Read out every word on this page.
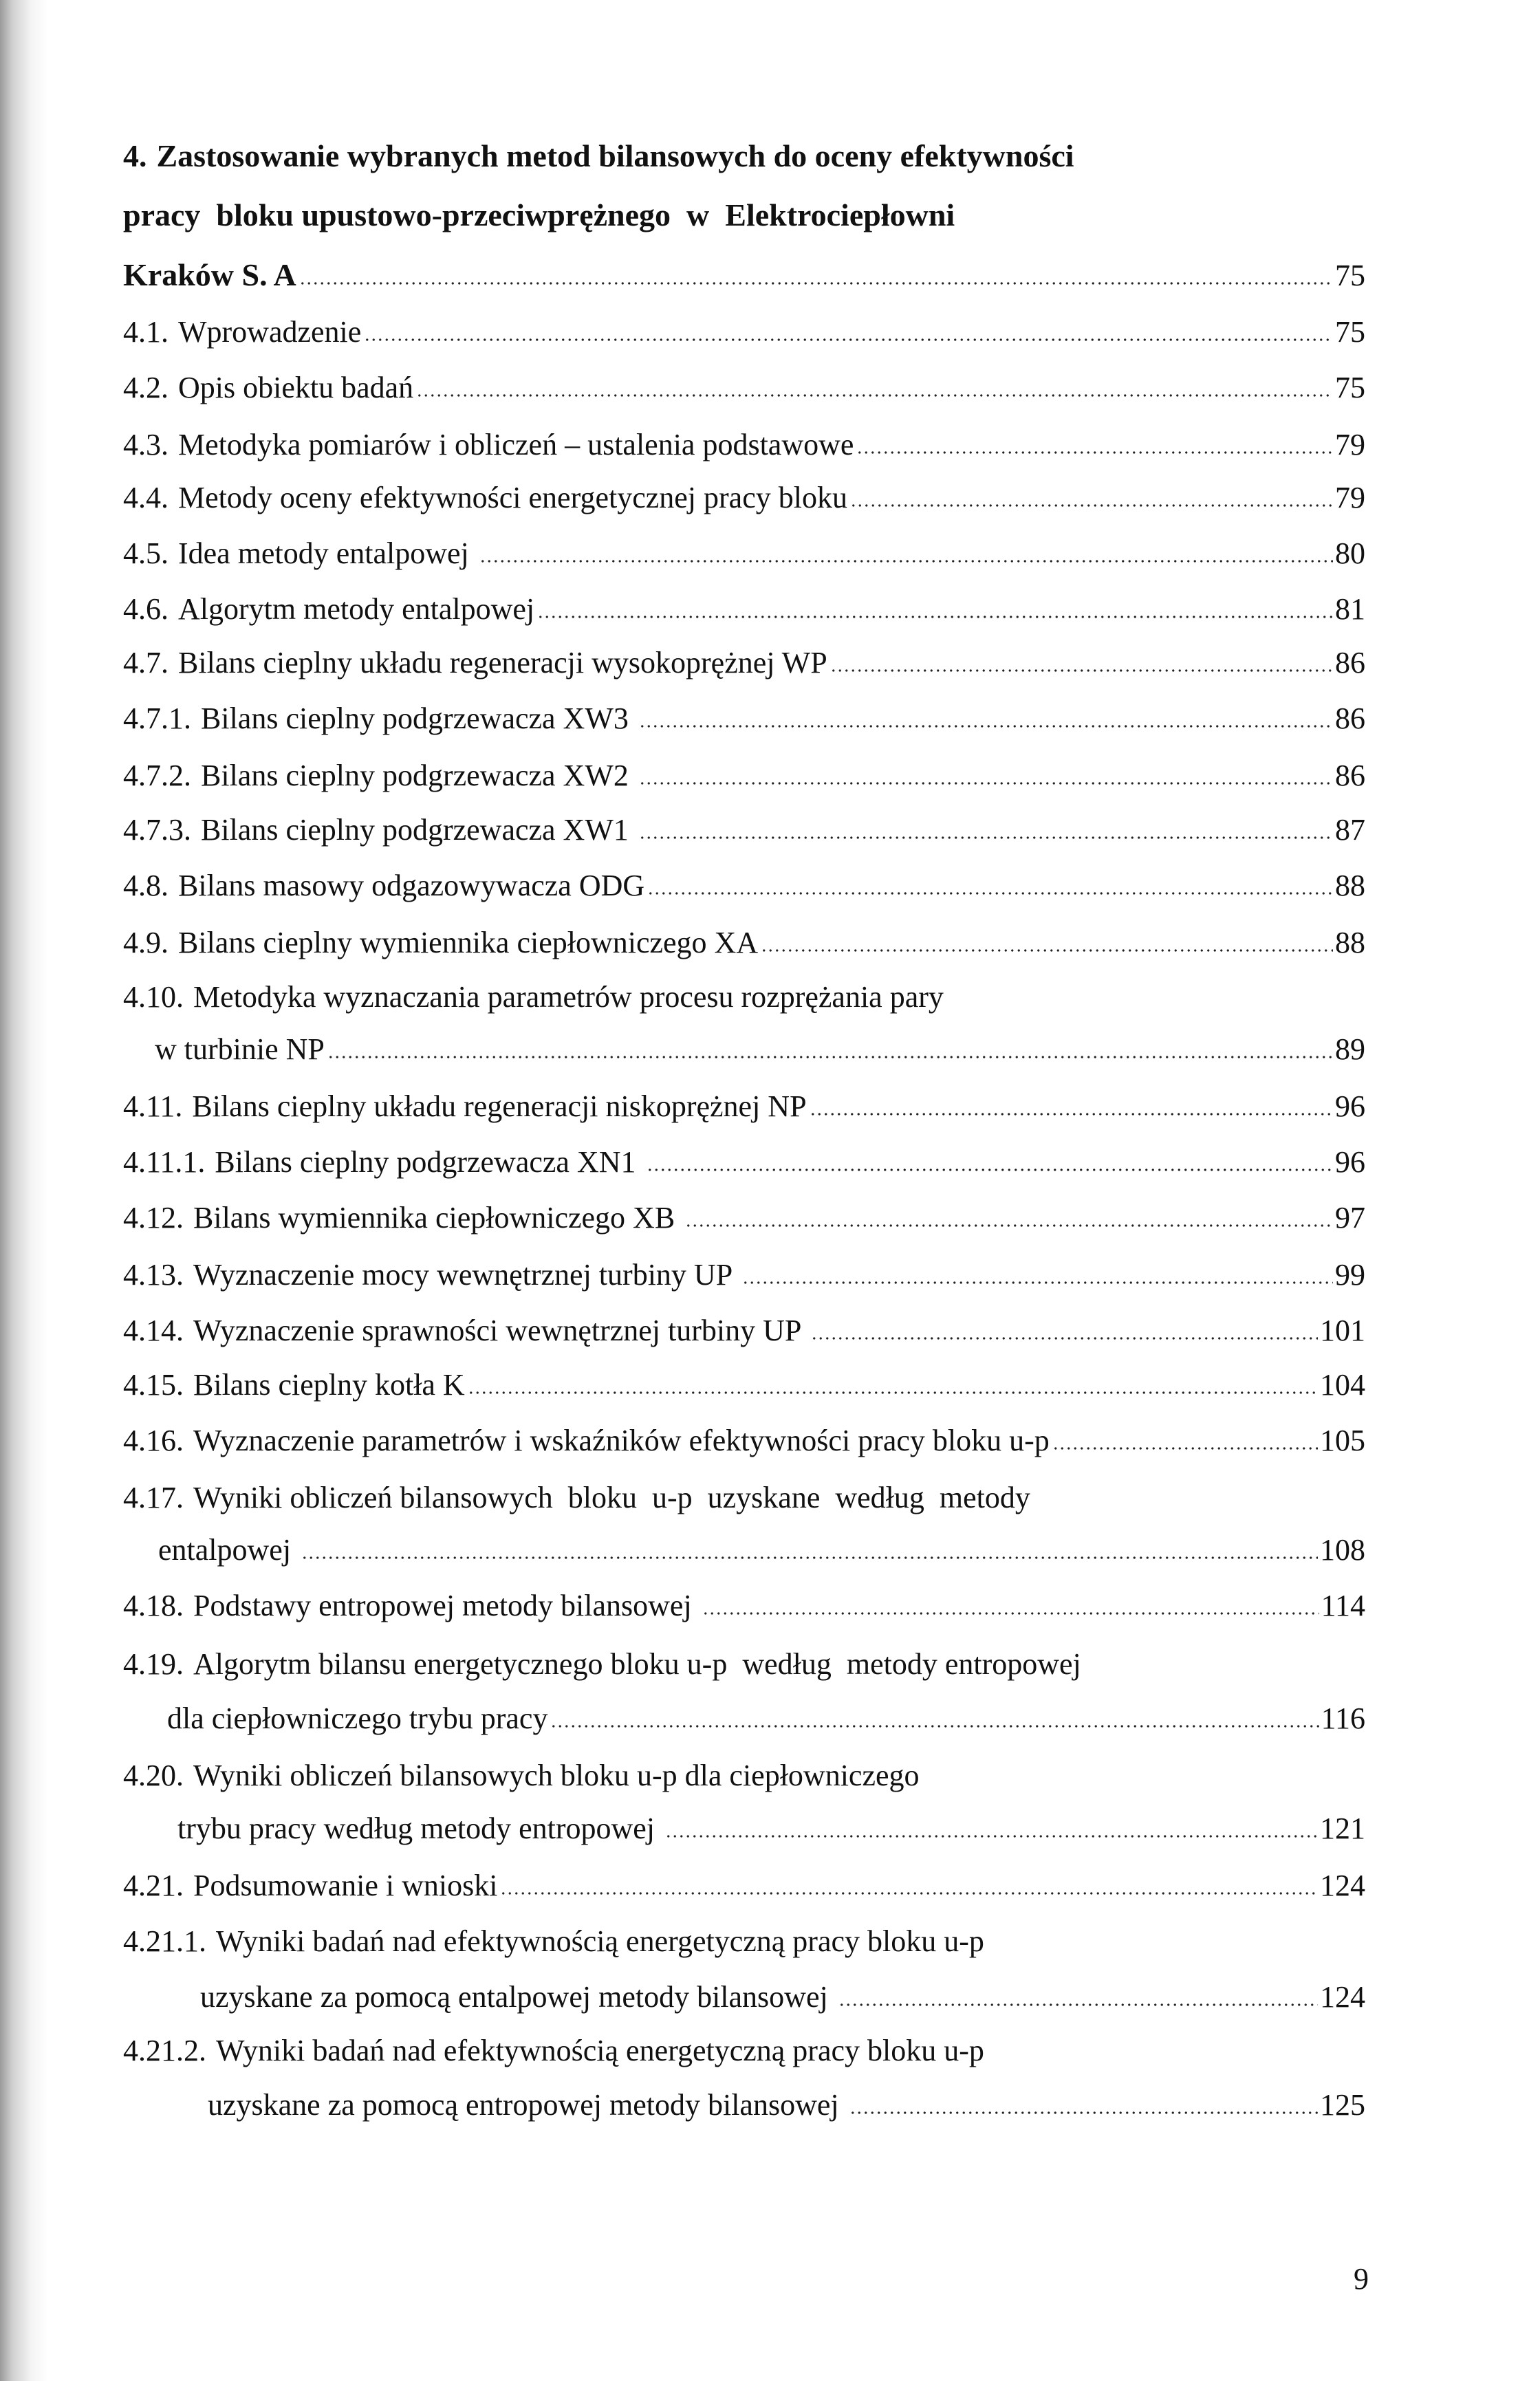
4. Zastosowanie wybranych metod bilansowych do oceny efektywności
pracy  bloku upustowo-przeciwprężnego  w  Elektrociepłowni
Kraków S. A	75
4.1. Wprowadzenie	75
4.2. Opis obiektu badań	75
4.3. Metodyka pomiarów i obliczeń – ustalenia podstawowe	79
4.4. Metody oceny efektywności energetycznej pracy bloku	79
4.5. Idea metody entalpowej	80
4.6. Algorytm metody entalpowej	81
4.7. Bilans cieplny układu regeneracji wysokoprężnej WP	86
4.7.1. Bilans cieplny podgrzewacza XW3	86
4.7.2. Bilans cieplny podgrzewacza XW2	86
4.7.3. Bilans cieplny podgrzewacza XW1	87
4.8. Bilans masowy odgazowywacza ODG	88
4.9. Bilans cieplny wymiennika ciepłowniczego XA	88
4.10. Metodyka wyznaczania parametrów procesu rozprężania pary
w turbinie NP	89
4.11. Bilans cieplny układu regeneracji niskoprężnej NP	96
4.11.1. Bilans cieplny podgrzewacza XN1	96
4.12. Bilans wymiennika ciepłowniczego XB	97
4.13. Wyznaczenie mocy wewnętrznej turbiny UP	99
4.14. Wyznaczenie sprawności wewnętrznej turbiny UP	101
4.15. Bilans cieplny kotła K	104
4.16. Wyznaczenie parametrów i wskaźników efektywności pracy bloku u-p	105
4.17. Wyniki obliczeń bilansowych  bloku  u-p  uzyskane  według  metody
entalpowej	108
4.18. Podstawy entropowej metody bilansowej	114
4.19. Algorytm bilansu energetycznego bloku u-p  według  metody entropowej
dla ciepłowniczego trybu pracy	116
4.20. Wyniki obliczeń bilansowych bloku u-p dla ciepłowniczego
trybu pracy według metody entropowej	121
4.21. Podsumowanie i wnioski	124
4.21.1. Wyniki badań nad efektywnością energetyczną pracy bloku u-p
uzyskane za pomocą entalpowej metody bilansowej	124
4.21.2. Wyniki badań nad efektywnością energetyczną pracy bloku u-p
uzyskane za pomocą entropowej metody bilansowej	125
9
